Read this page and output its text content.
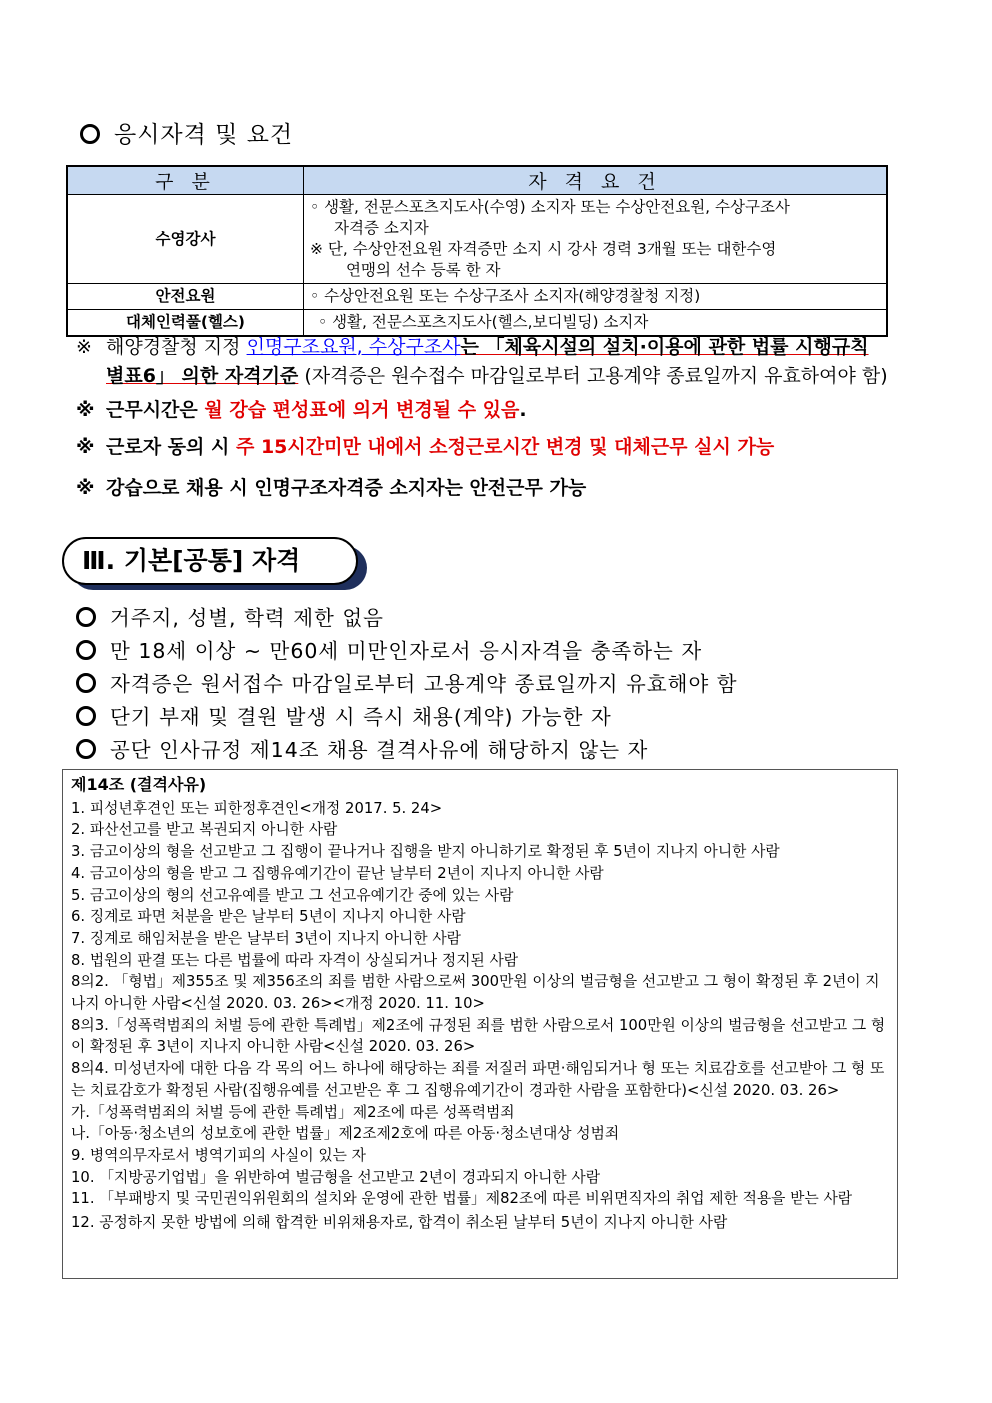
응시자격 및 요건
구 분	자 격 요 건
수영강사	◦ 생활, 전문스포츠지도사(수영) 소지자 또는 수상안전요원, 수상구조사
자격증 소지자
※ 단, 수상안전요원 자격증만 소지 시 강사 경력 3개월 또는 대한수영
연맹의 선수 등록 한 자

안전요원	◦ 수상안전요원 또는 수상구조사 소지자(해양경찰청 지정)
대체인력풀(헬스)	◦ 생활, 전문스포츠지도사(헬스,보디빌딩) 소지자
※ 해양경찰청 지정 인명구조요원, 수상구조사는 「체육시설의 설치·이용에 관한 법률 시행규칙
별표6」 의한 자격기준 (자격증은 원수접수 마감일로부터 고용계약 종료일까지 유효하여야 함)
※ 근무시간은 월 강습 편성표에 의거 변경될 수 있음.
※ 근로자 동의 시 주 15시간미만 내에서 소정근로시간 변경 및 대체근무 실시 가능
※ 강습으로 채용 시 인명구조자격증 소지자는 안전근무 가능
Ⅲ. 기본[공통] 자격
거주지, 성별, 학력 제한 없음
만 18세 이상 ~ 만60세 미만인자로서 응시자격을 충족하는 자
자격증은 원서접수 마감일로부터 고용계약 종료일까지 유효해야 함
단기 부재 및 결원 발생 시 즉시 채용(계약) 가능한 자
공단 인사규정 제14조 채용 결격사유에 해당하지 않는 자
제14조 (결격사유)
1. 피성년후견인 또는 피한정후견인<개정 2017. 5. 24>
2. 파산선고를 받고 복권되지 아니한 사람
3. 금고이상의 형을 선고받고 그 집행이 끝나거나 집행을 받지 아니하기로 확정된 후 5년이 지나지 아니한 사람
4. 금고이상의 형을 받고 그 집행유예기간이 끝난 날부터 2년이 지나지 아니한 사람
5. 금고이상의 형의 선고유예를 받고 그 선고유예기간 중에 있는 사람
6. 징계로 파면 처분을 받은 날부터 5년이 지나지 아니한 사람
7. 징계로 해임처분을 받은 날부터 3년이 지나지 아니한 사람
8. 법원의 판결 또는 다른 법률에 따라 자격이 상실되거나 정지된 사람
8의2. 「형법」제355조 및 제356조의 죄를 범한 사람으로써 300만원 이상의 벌금형을 선고받고 그 형이 확정된 후 2년이 지나지 아니한 사람<신설 2020. 03. 26><개정 2020. 11. 10>
8의3.「성폭력범죄의 처벌 등에 관한 특례법」제2조에 규정된 죄를 범한 사람으로서 100만원 이상의 벌금형을 선고받고 그 형이 확정된 후 3년이 지나지 아니한 사람<신설 2020. 03. 26>
8의4. 미성년자에 대한 다음 각 목의 어느 하나에 해당하는 죄를 저질러 파면·해임되거나 형 또는 치료감호를 선고받아 그 형 또는 치료감호가 확정된 사람(집행유예를 선고받은 후 그 집행유예기간이 경과한 사람을 포함한다)<신설 2020. 03. 26>
가.「성폭력범죄의 처벌 등에 관한 특례법」제2조에 따른 성폭력범죄
나.「아동·청소년의 성보호에 관한 법률」제2조제2호에 따른 아동·청소년대상 성범죄
9. 병역의무자로서 병역기피의 사실이 있는 자
10. 「지방공기업법」을 위반하여 벌금형을 선고받고 2년이 경과되지 아니한 사람
11. 「부패방지 및 국민권익위원회의 설치와 운영에 관한 법률」제82조에 따른 비위면직자의 취업 제한 적용을 받는 사람
12. 공정하지 못한 방법에 의해 합격한 비위채용자로, 합격이 취소된 날부터 5년이 지나지 아니한 사람
